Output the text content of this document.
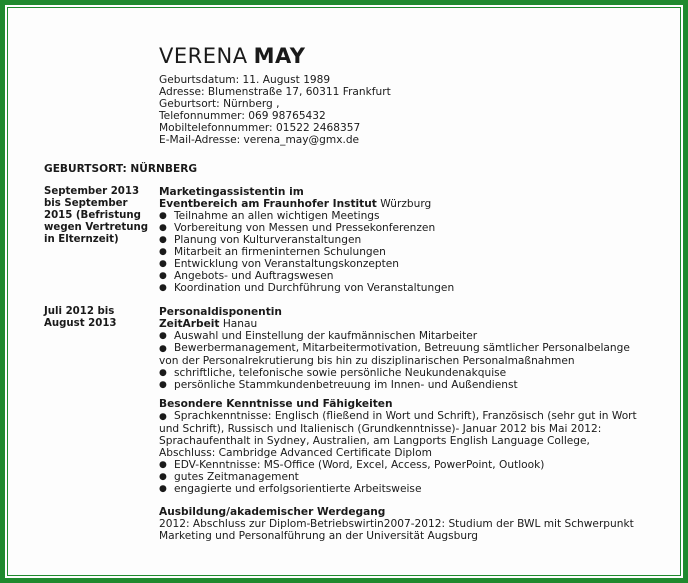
VERENA MAY
Geburtsdatum: 11. August 1989
Adresse: Blumenstraße 17, 60311 Frankfurt
Geburtsort: Nürnberg ,
Telefonnummer: 069 98765432
Mobiltelefonnummer: 01522 2468357
E-Mail-Adresse: verena_may@gmx.de
GEBURTSORT: NÜRNBERG
September 2013 bis September 2015 (Befristung wegen Vertretung in Elternzeit)
Marketingassistentin im
Eventbereich am Fraunhofer Institut Würzburg
● Teilnahme an allen wichtigen Meetings
● Vorbereitung von Messen und Pressekonferenzen
● Planung von Kulturveranstaltungen
● Mitarbeit an firmeninternen Schulungen
● Entwicklung von Veranstaltungskonzepten
● Angebots- und Auftragswesen
● Koordination und Durchführung von Veranstaltungen
Juli 2012 bis August 2013
Personaldisponentin
ZeitArbeit Hanau
● Auswahl und Einstellung der kaufmännischen Mitarbeiter
● Bewerbermanagement, Mitarbeitermotivation, Betreuung sämtlicher Personalbelange von der Personalrekrutierung bis hin zu disziplinarischen Personalmaßnahmen
● schriftliche, telefonische sowie persönliche Neukundenakquise
● persönliche Stammkundenbetreuung im Innen- und Außendienst
Besondere Kenntnisse und Fähigkeiten
● Sprachkenntnisse: Englisch (fließend in Wort und Schrift), Französisch (sehr gut in Wort und Schrift), Russisch und Italienisch (Grundkenntnisse)- Januar 2012 bis Mai 2012: Sprachaufenthalt in Sydney, Australien, am Langports English Language College, Abschluss: Cambridge Advanced Certificate Diplom
● EDV-Kenntnisse: MS-Office (Word, Excel, Access, PowerPoint, Outlook)
● gutes Zeitmanagement
● engagierte und erfolgsorientierte Arbeitsweise
Ausbildung/akademischer Werdegang
2012: Abschluss zur Diplom-Betriebswirtin2007-2012: Studium der BWL mit Schwerpunkt Marketing und Personalführung an der Universität Augsburg
